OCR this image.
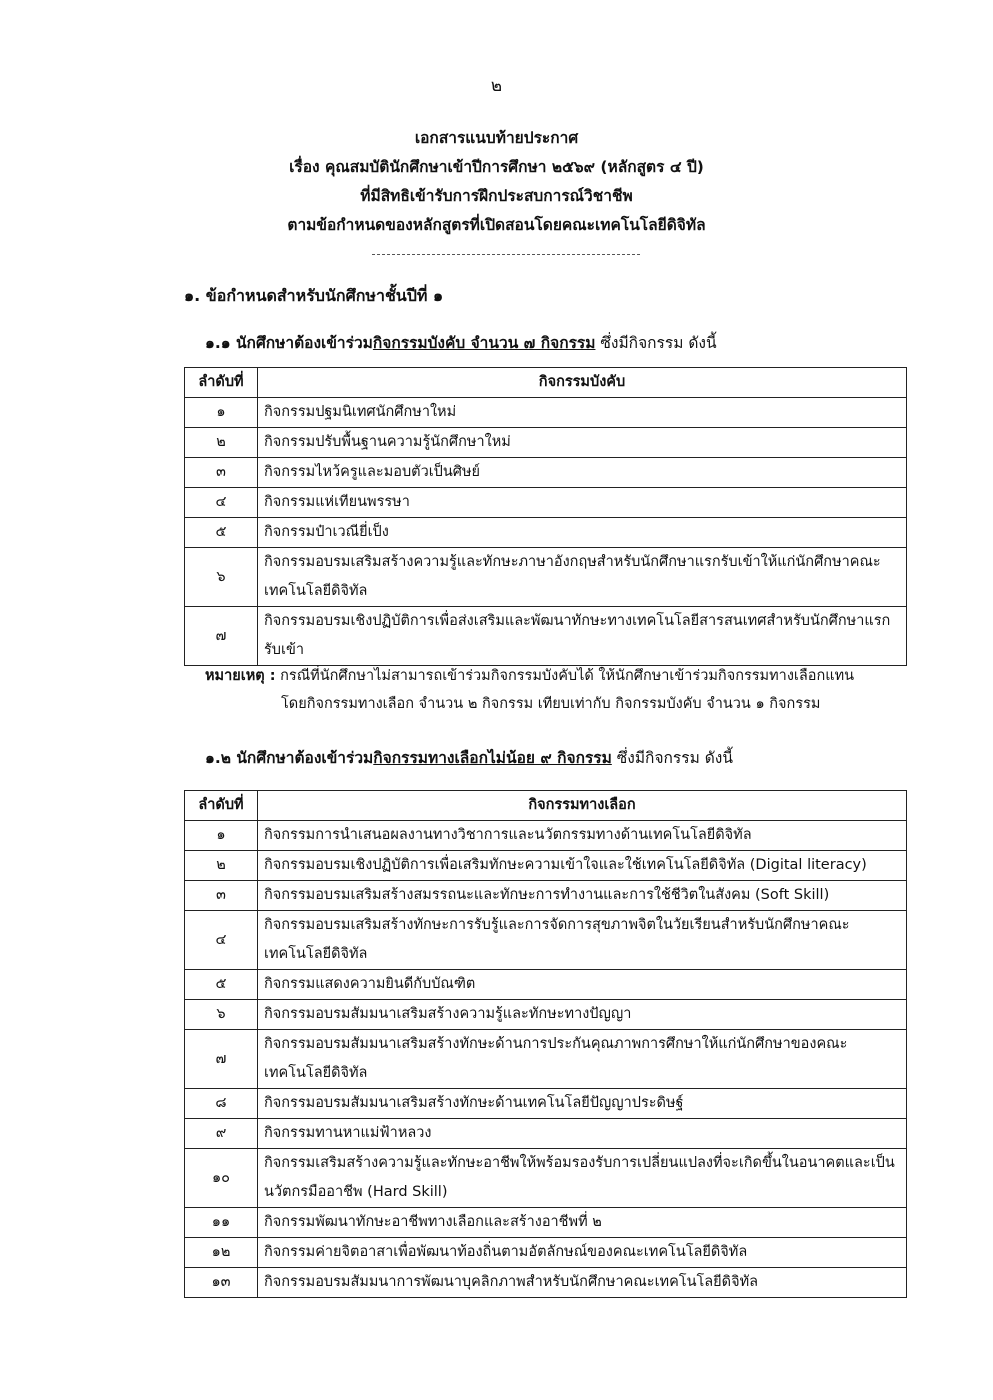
๒
เอกสารแนบท้ายประกาศ
เรื่อง คุณสมบัตินักศึกษาเข้าปีการศึกษา ๒๕๖๙ (หลักสูตร ๔ ปี)
ที่มีสิทธิเข้ารับการฝึกประสบการณ์วิชาชีพ
ตามข้อกำหนดของหลักสูตรที่เปิดสอนโดยคณะเทคโนโลยีดิจิทัล
๑. ข้อกำหนดสำหรับนักศึกษาชั้นปีที่ ๑
๑.๑ นักศึกษาต้องเข้าร่วมกิจกรรมบังคับ จำนวน ๗ กิจกรรม ซึ่งมีกิจกรรม ดังนี้
ลำดับที่	กิจกรรมบังคับ
๑	กิจกรรมปฐมนิเทศนักศึกษาใหม่
๒	กิจกรรมปรับพื้นฐานความรู้นักศึกษาใหม่
๓	กิจกรรมไหว้ครูและมอบตัวเป็นศิษย์
๔	กิจกรรมแห่เทียนพรรษา
๕	กิจกรรมป๋าเวณียี่เป็ง
๖	กิจกรรมอบรมเสริมสร้างความรู้และทักษะภาษาอังกฤษสำหรับนักศึกษาแรกรับเข้าให้แก่นักศึกษาคณะเทคโนโลยีดิจิทัล
๗	กิจกรรมอบรมเชิงปฏิบัติการเพื่อส่งเสริมและพัฒนาทักษะทางเทคโนโลยีสารสนเทศสำหรับนักศึกษาแรกรับเข้า
หมายเหตุ : กรณีที่นักศึกษาไม่สามารถเข้าร่วมกิจกรรมบังคับได้ ให้นักศึกษาเข้าร่วมกิจกรรมทางเลือกแทน
โดยกิจกรรมทางเลือก จำนวน ๒ กิจกรรม เทียบเท่ากับ กิจกรรมบังคับ จำนวน ๑ กิจกรรม
๑.๒ นักศึกษาต้องเข้าร่วมกิจกรรมทางเลือกไม่น้อย ๙ กิจกรรม ซึ่งมีกิจกรรม ดังนี้
ลำดับที่	กิจกรรมทางเลือก
๑	กิจกรรมการนำเสนอผลงานทางวิชาการและนวัตกรรมทางด้านเทคโนโลยีดิจิทัล
๒	กิจกรรมอบรมเชิงปฏิบัติการเพื่อเสริมทักษะความเข้าใจและใช้เทคโนโลยีดิจิทัล (Digital literacy)
๓	กิจกรรมอบรมเสริมสร้างสมรรถนะและทักษะการทำงานและการใช้ชีวิตในสังคม (Soft Skill)
๔	กิจกรรมอบรมเสริมสร้างทักษะการรับรู้และการจัดการสุขภาพจิตในวัยเรียนสำหรับนักศึกษาคณะเทคโนโลยีดิจิทัล
๕	กิจกรรมแสดงความยินดีกับบัณฑิต
๖	กิจกรรมอบรมสัมมนาเสริมสร้างความรู้และทักษะทางปัญญา
๗	กิจกรรมอบรมสัมมนาเสริมสร้างทักษะด้านการประกันคุณภาพการศึกษาให้แก่นักศึกษาของคณะเทคโนโลยีดิจิทัล
๘	กิจกรรมอบรมสัมมนาเสริมสร้างทักษะด้านเทคโนโลยีปัญญาประดิษฐ์
๙	กิจกรรมทานหาแม่ฟ้าหลวง
๑๐	กิจกรรมเสริมสร้างความรู้และทักษะอาชีพให้พร้อมรองรับการเปลี่ยนแปลงที่จะเกิดขึ้นในอนาคตและเป็นนวัตกรมืออาชีพ (Hard Skill)
๑๑	กิจกรรมพัฒนาทักษะอาชีพทางเลือกและสร้างอาชีพที่ ๒
๑๒	กิจกรรมค่ายจิตอาสาเพื่อพัฒนาท้องถิ่นตามอัตลักษณ์ของคณะเทคโนโลยีดิจิทัล
๑๓	กิจกรรมอบรมสัมมนาการพัฒนาบุคลิกภาพสำหรับนักศึกษาคณะเทคโนโลยีดิจิทัล
